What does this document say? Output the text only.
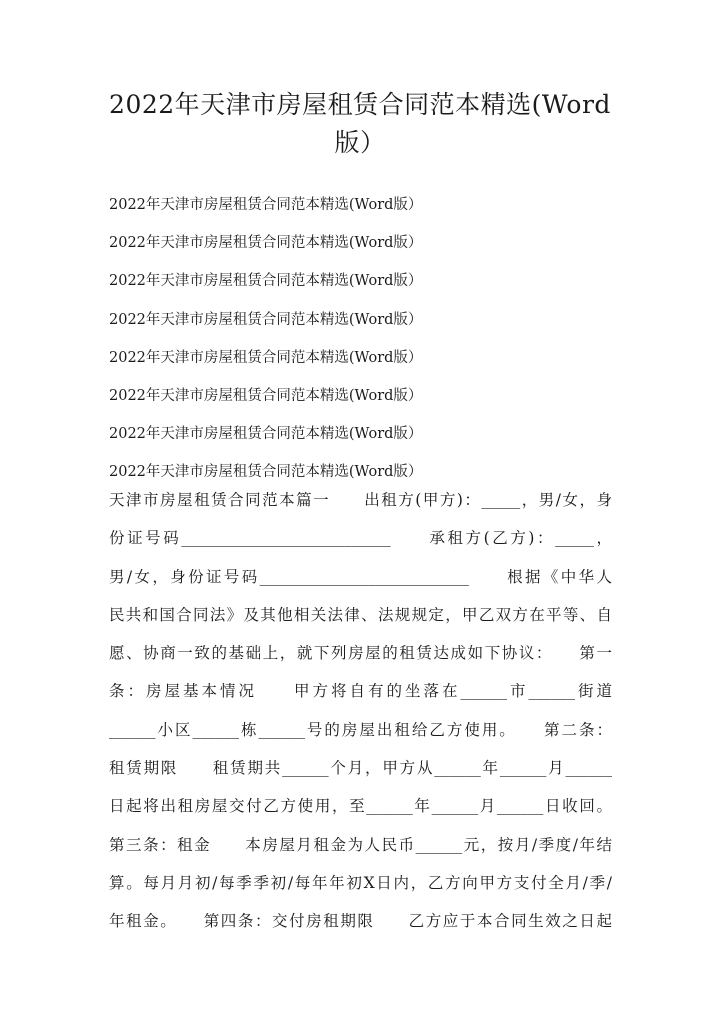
2022年天津市房屋租赁合同范本精选(Word
版）
2022年天津市房屋租赁合同范本精选(Word版）
2022年天津市房屋租赁合同范本精选(Word版）
2022年天津市房屋租赁合同范本精选(Word版）
2022年天津市房屋租赁合同范本精选(Word版）
2022年天津市房屋租赁合同范本精选(Word版）
2022年天津市房屋租赁合同范本精选(Word版）
2022年天津市房屋租赁合同范本精选(Word版）
2022年天津市房屋租赁合同范本精选(Word版）
天津市房屋租赁合同范本篇一　　出租方(甲方)：_____，男/女，身
份证号码___________________________　　承租方(乙方)：_____，
男/女，身份证号码___________________________　　根据《中华人
民共和国合同法》及其他相关法律、法规规定，甲乙双方在平等、自
愿、协商一致的基础上，就下列房屋的租赁达成如下协议：　　第一
条：房屋基本情况　　甲方将自有的坐落在______市______街道
______小区______栋______号的房屋出租给乙方使用。　　第二条：
租赁期限　　租赁期共______个月，甲方从______年______月______
日起将出租房屋交付乙方使用，至______年______月______日收回。
第三条：租金　　本房屋月租金为人民币______元，按月/季度/年结
算。每月月初/每季季初/每年年初X日内，乙方向甲方支付全月/季/
年租金。　　第四条：交付房租期限　　乙方应于本合同生效之日起
